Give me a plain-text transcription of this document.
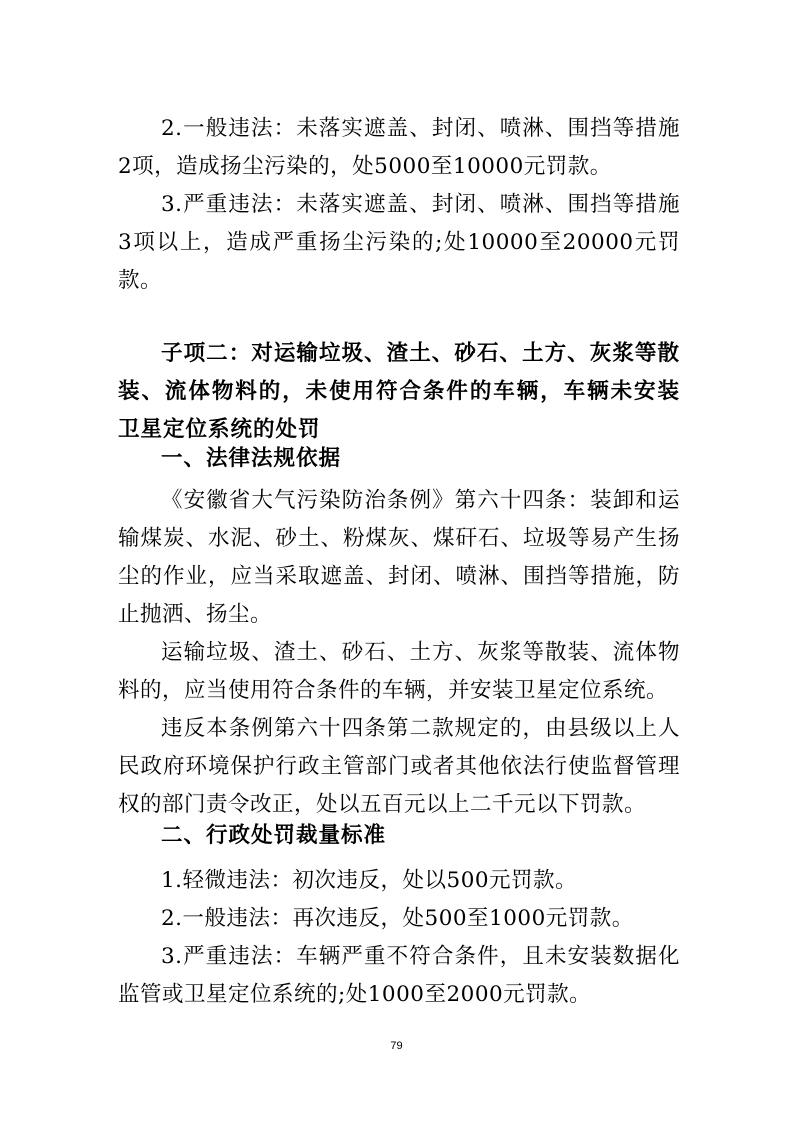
2.一般违法：未落实遮盖、封闭、喷淋、围挡等措施2项，造成扬尘污染的，处5000至10000元罚款。
3.严重违法：未落实遮盖、封闭、喷淋、围挡等措施3项以上，造成严重扬尘污染的;处10000至20000元罚款。
子项二：对运输垃圾、渣土、砂石、土方、灰浆等散装、流体物料的，未使用符合条件的车辆，车辆未安装卫星定位系统的处罚
一、法律法规依据
《安徽省大气污染防治条例》第六十四条：装卸和运输煤炭、水泥、砂土、粉煤灰、煤矸石、垃圾等易产生扬尘的作业，应当采取遮盖、封闭、喷淋、围挡等措施，防止抛洒、扬尘。
运输垃圾、渣土、砂石、土方、灰浆等散装、流体物料的，应当使用符合条件的车辆，并安装卫星定位系统。
违反本条例第六十四条第二款规定的，由县级以上人民政府环境保护行政主管部门或者其他依法行使监督管理权的部门责令改正，处以五百元以上二千元以下罚款。
二、行政处罚裁量标准
1.轻微违法：初次违反，处以500元罚款。
2.一般违法：再次违反，处500至1000元罚款。
3.严重违法：车辆严重不符合条件，且未安装数据化监管或卫星定位系统的;处1000至2000元罚款。
79
